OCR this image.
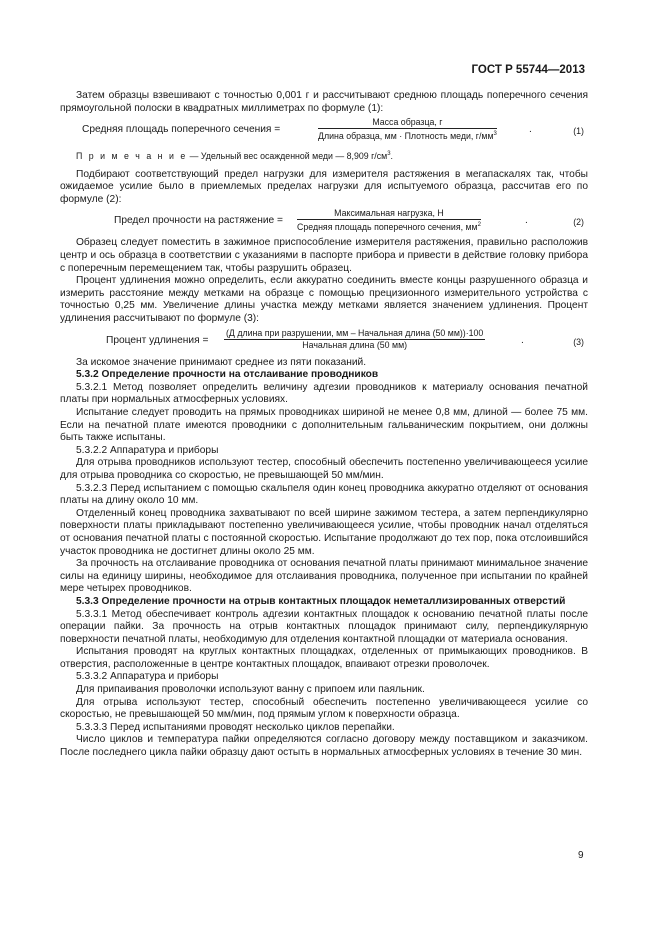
ГОСТ Р 55744—2013

Затем образцы взвешивают с точностью 0,001 г и рассчитывают среднюю площадь поперечного сечения прямоугольной полоски в квадратных миллиметрах по формуле (1):

Средняя площадь поперечного сечения =
Масса образца, г
Длина образца, мм · Плотность меди, $г/мм^3$	.	(1)

П р и м е ч а н и е — Удельный вес осажденной меди — 8,909 $г/см^3$.

Подбирают соответствующий предел нагрузки для измерителя растяжения в мегапаскалях так, чтобы ожидаемое усилие было в приемлемых пределах нагрузки для испытуемого образца, рассчитав его по формуле (2):

Предел прочности на растяжение =
Максимальная нагрузка, Н
Средняя площадь поперечного сечения, $мм^2$	.	(2)

Образец следует поместить в зажимное приспособление измерителя растяжения, правильно расположив центр и ось образца в соответствии с указаниями в паспорте прибора и привести в действие головку прибора с поперечным перемещением так, чтобы разрушить образец.

Процент удлинения можно определить, если аккуратно соединить вместе концы разрушенного образца и измерить расстояние между метками на образце с помощью прецизионного измерительного устройства с точностью 0,25 мм. Увеличение длины участка между метками является значением удлинения. Процент удлинения рассчитывают по формуле (3):

Процент удлинения =
(Д длина при разрушении, мм – Начальная длина (50 мм))·100
Начальная длина (50 мм)	.	(3)

За искомое значение принимают среднее из пяти показаний.

5.3.2 Определение прочности на отслаивание проводников

5.3.2.1 Метод позволяет определить величину адгезии проводников к материалу основания печатной платы при нормальных атмосферных условиях.

Испытание следует проводить на прямых проводниках шириной не менее 0,8 мм, длиной — более 75 мм. Если на печатной плате имеются проводники с дополнительным гальваническим покрытием, они должны быть также испытаны.

5.3.2.2 Аппаратура и приборы

Для отрыва проводников используют тестер, способный обеспечить постепенно увеличивающееся усилие для отрыва проводника со скоростью, не превышающей 50 мм/мин.

5.3.2.3 Перед испытанием с помощью скальпеля один конец проводника аккуратно отделяют от основания платы на длину около 10 мм.

Отделенный конец проводника захватывают по всей ширине зажимом тестера, а затем перпендикулярно поверхности платы прикладывают постепенно увеличивающееся усилие, чтобы проводник начал отделяться от основания печатной платы с постоянной скоростью. Испытание продолжают до тех пор, пока отслоившийся участок проводника не достигнет длины около 25 мм.

За прочность на отслаивание проводника от основания печатной платы принимают минимальное значение силы на единицу ширины, необходимое для отслаивания проводника, полученное при испытании по крайней мере четырех проводников.

5.3.3 Определение прочности на отрыв контактных площадок неметаллизированных отверстий

5.3.3.1 Метод обеспечивает контроль адгезии контактных площадок к основанию печатной платы после операции пайки. За прочность на отрыв контактных площадок принимают силу, перпендикулярную поверхности печатной платы, необходимую для отделения контактной площадки от материала основания.

Испытания проводят на круглых контактных площадках, отделенных от примыкающих проводников. В отверстия, расположенные в центре контактных площадок, впаивают отрезки проволочек.

5.3.3.2 Аппаратура и приборы

Для припаивания проволочки используют ванну с припоем или паяльник.

Для отрыва используют тестер, способный обеспечить постепенно увеличивающееся усилие со скоростью, не превышающей 50 мм/мин, под прямым углом к поверхности образца.

5.3.3.3 Перед испытаниями проводят несколько циклов перепайки.

Число циклов и температура пайки определяются согласно договору между поставщиком и заказчиком. После последнего цикла пайки образцу дают остыть в нормальных атмосферных условиях в течение 30 мин.

9
